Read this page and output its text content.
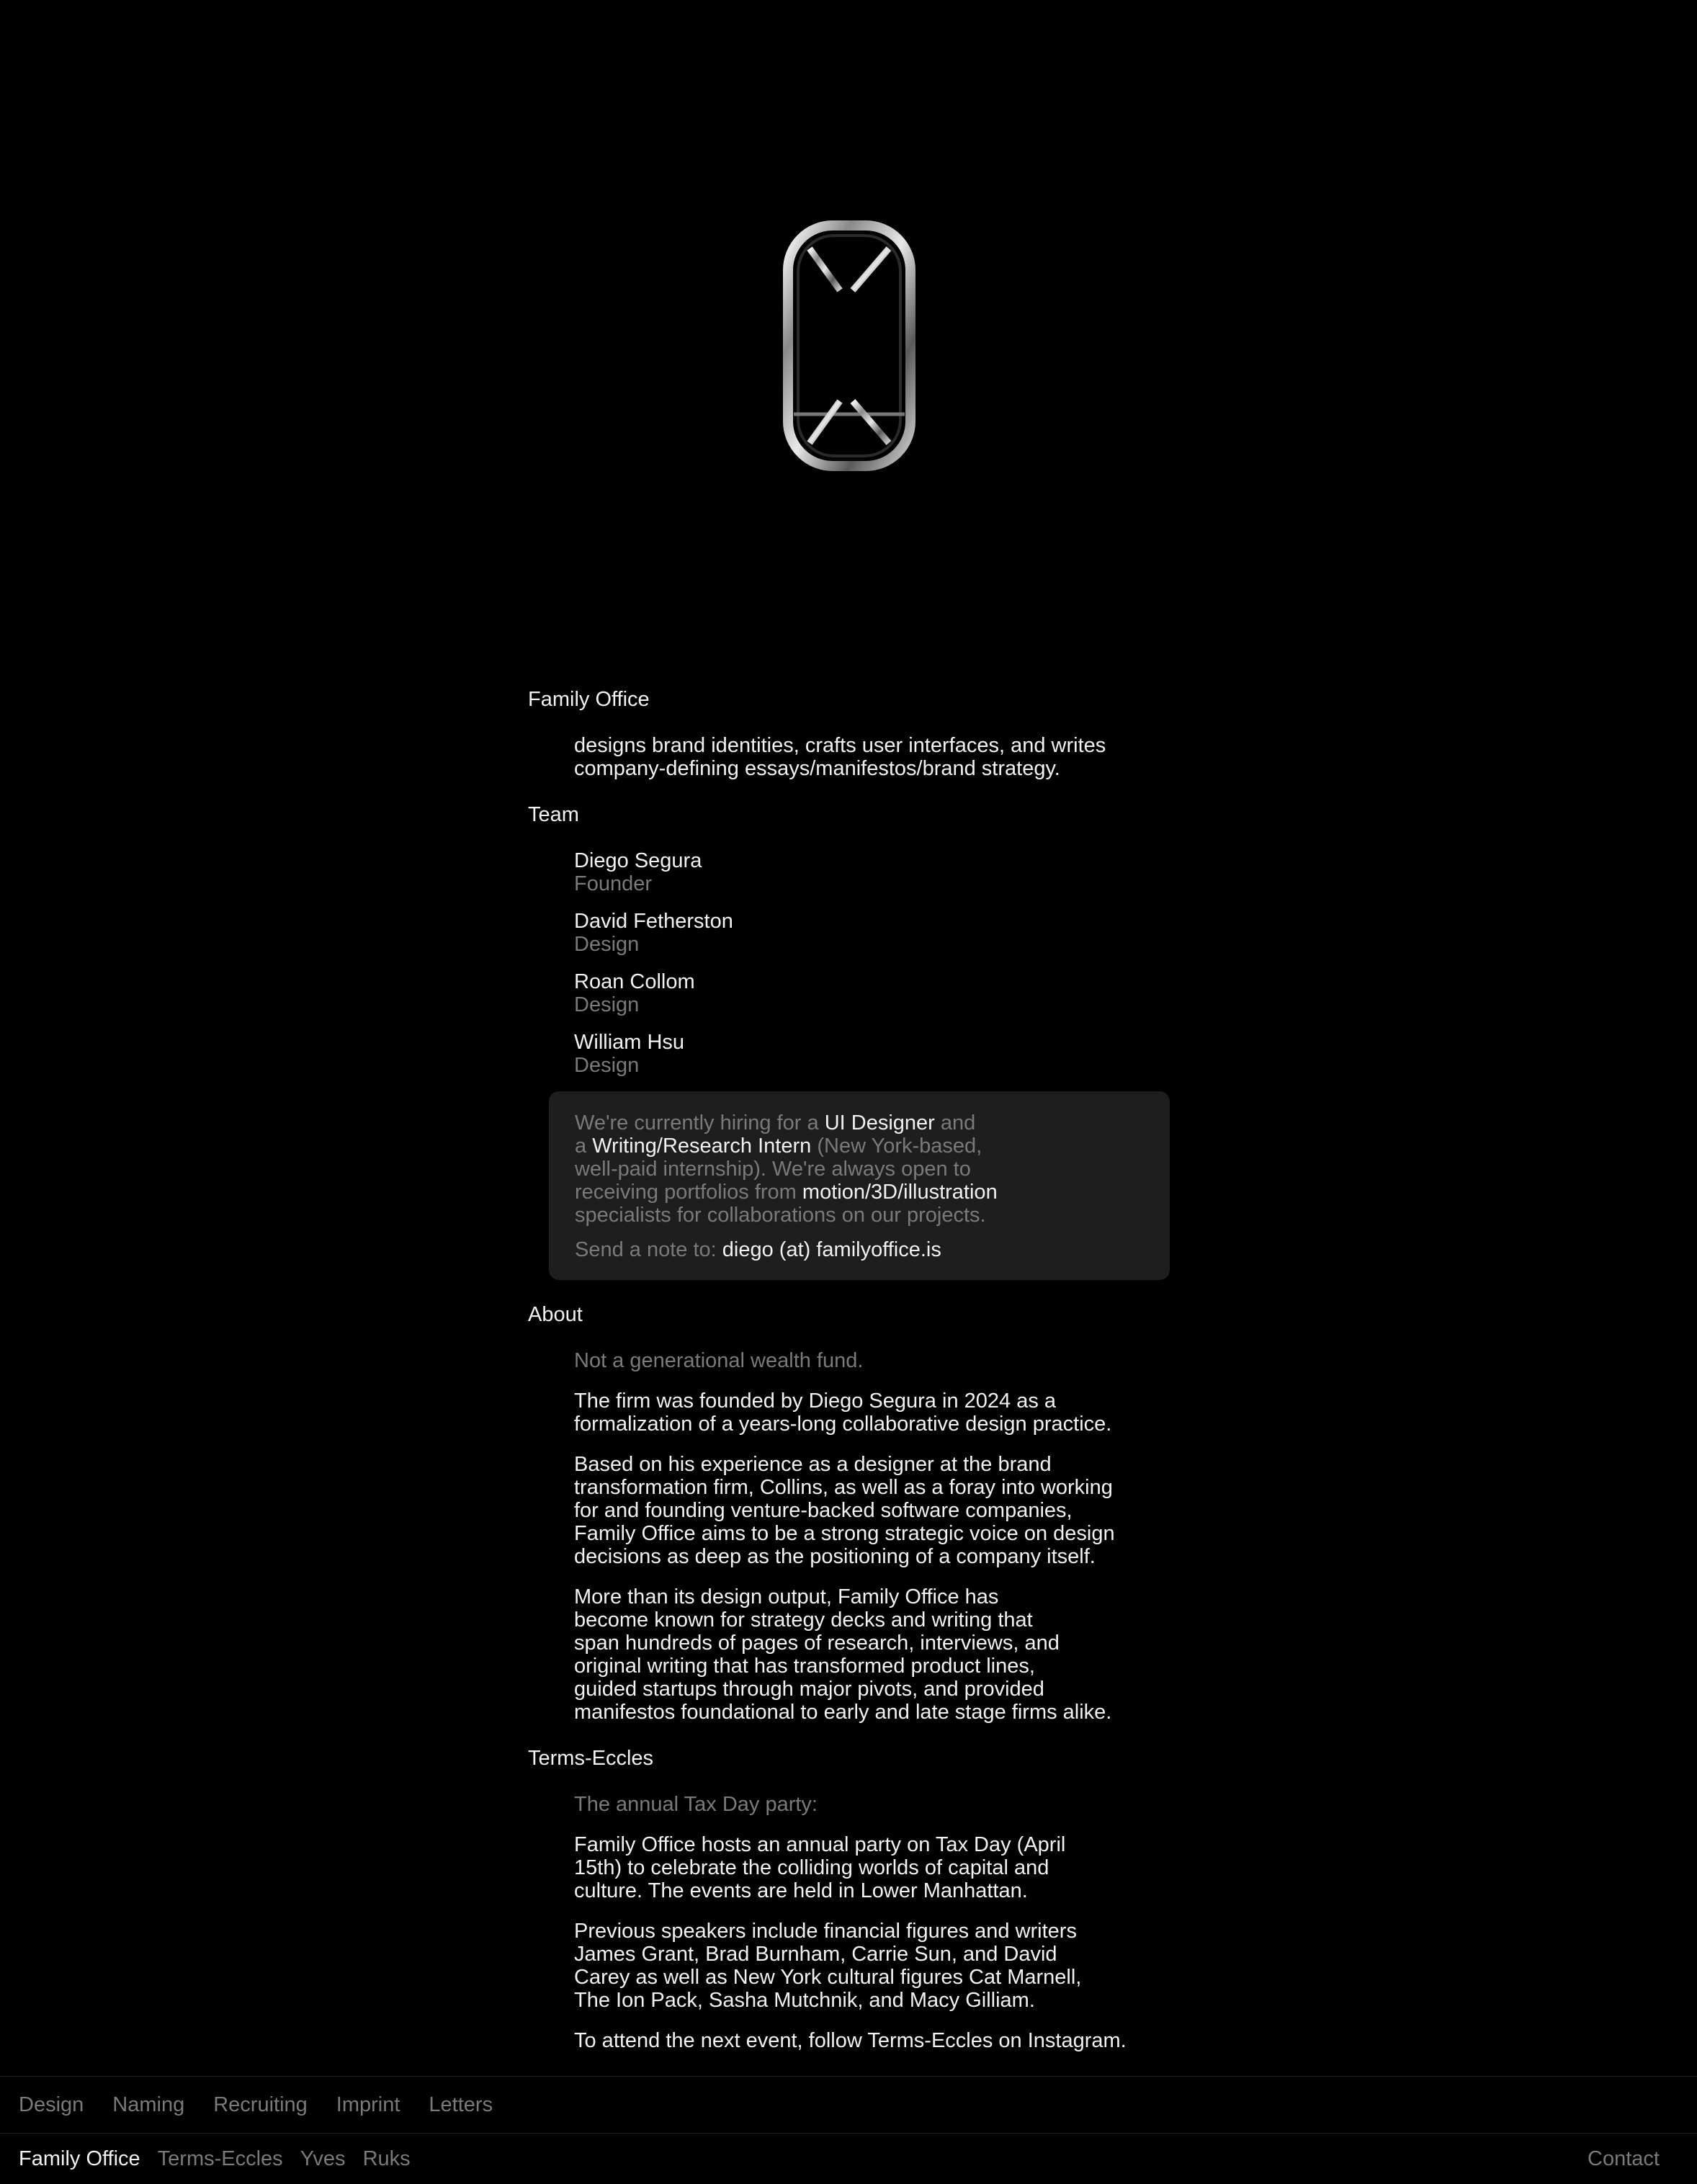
Family Office
designs brand identities, crafts user interfaces, and writes
company-defining essays/manifestos/brand strategy.
Team
Diego Segura
Founder
David Fetherston
Design
Roan Collom
Design
William Hsu
Design
We're currently hiring for a UI Designer and
a Writing/Research Intern (New York-based,
well-paid internship). We're always open to
receiving portfolios from motion/3D/illustration
specialists for collaborations on our projects.
Send a note to: diego (at) familyoffice.is
About
Not a generational wealth fund.
The firm was founded by Diego Segura in 2024 as a
formalization of a years-long collaborative design practice.
Based on his experience as a designer at the brand
transformation firm, Collins, as well as a foray into working
for and founding venture-backed software companies,
Family Office aims to be a strong strategic voice on design
decisions as deep as the positioning of a company itself.
More than its design output, Family Office has
become known for strategy decks and writing that
span hundreds of pages of research, interviews, and
original writing that has transformed product lines,
guided startups through major pivots, and provided
manifestos foundational to early and late stage firms alike.
Terms-Eccles
The annual Tax Day party:
Family Office hosts an annual party on Tax Day (April
15th) to celebrate the colliding worlds of capital and
culture. The events are held in Lower Manhattan.
Previous speakers include financial figures and writers
James Grant, Brad Burnham, Carrie Sun, and David
Carey as well as New York cultural figures Cat Marnell,
The Ion Pack, Sasha Mutchnik, and Macy Gilliam.
To attend the next event, follow Terms-Eccles on Instagram.
Design Naming Recruiting Imprint Letters
Family Office Terms-Eccles Yves Ruks	Contact
